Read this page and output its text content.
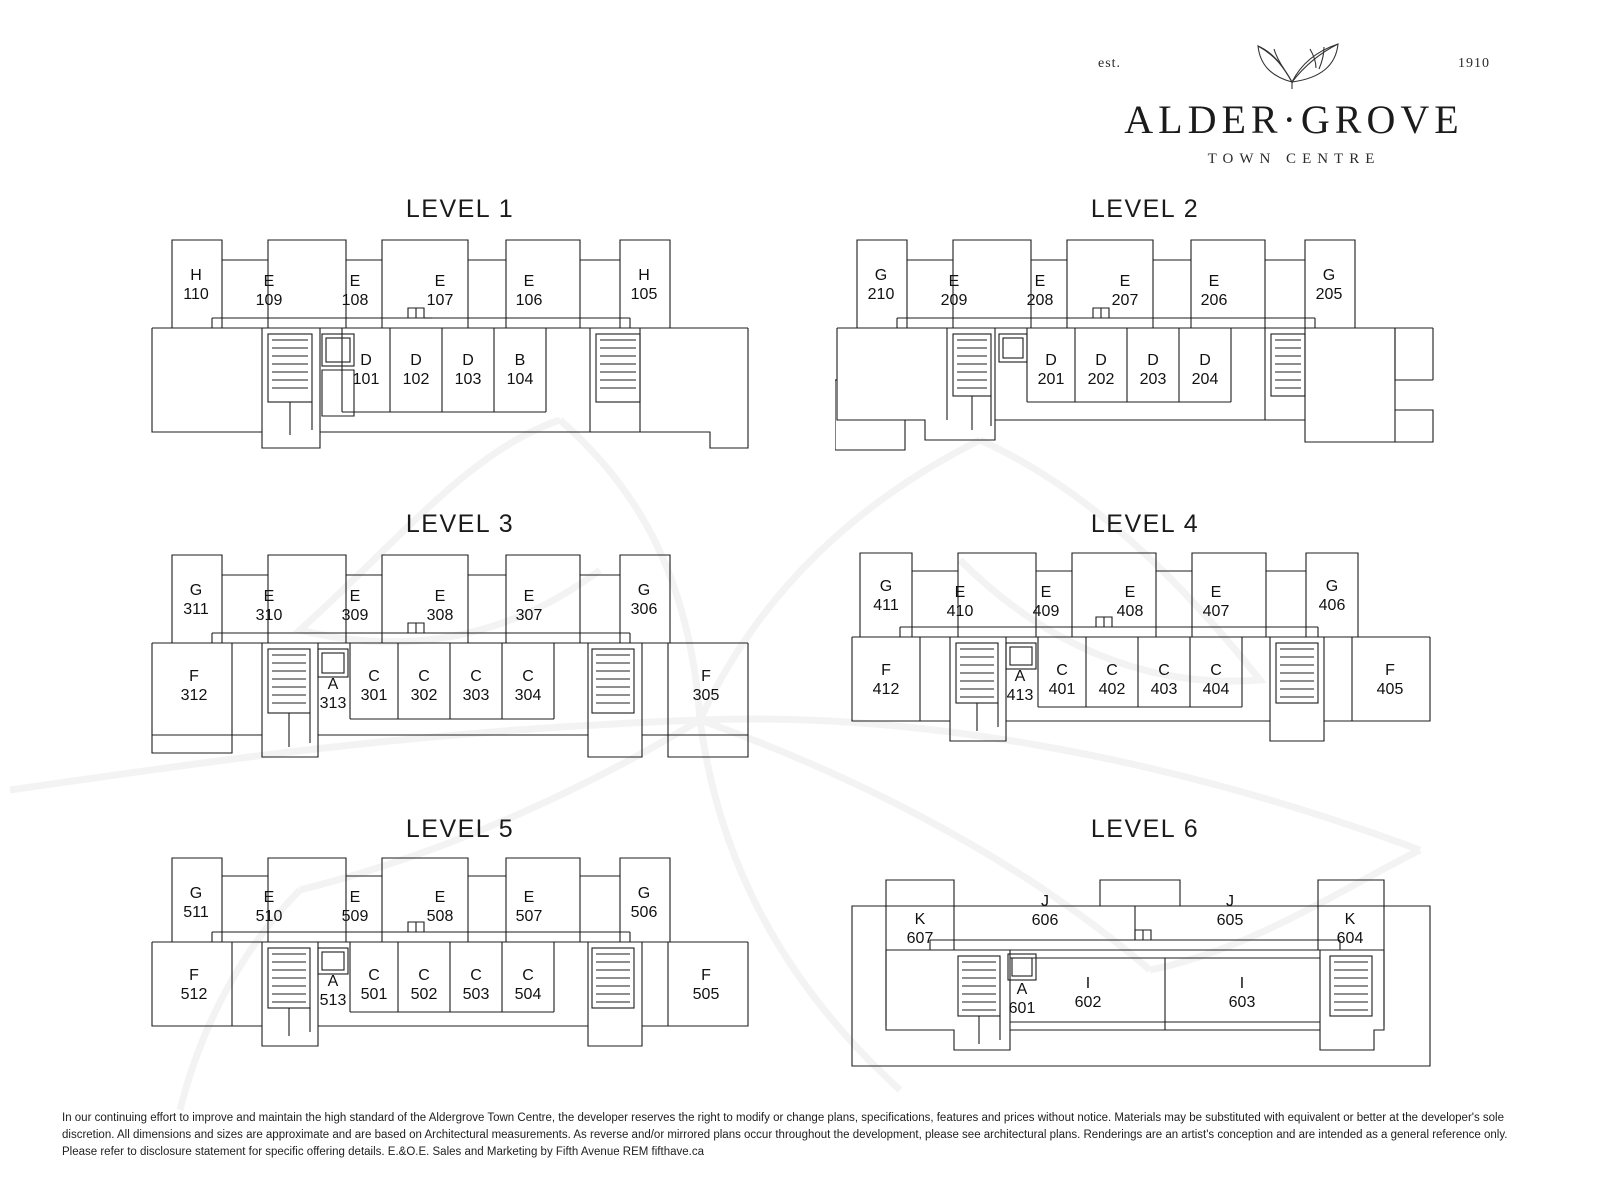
est.	1910
ALDER·GROVE
TOWN CENTRE
LEVEL 1
H
110
E
109
E
108
E
107
E
106
H
105
D
101
D
102
D
103
B
104
LEVEL 2
G
210
E
209
E
208
E
207
E
206
G
205
D
201
D
202
D
203
D
204
LEVEL 3
G
311
E
310
E
309
E
308
E
307
G
306
F
312
A
313
C
301
C
302
C
303
C
304
F
305
LEVEL 4
G
411
E
410
E
409
E
408
E
407
G
406
F
412
A
413
C
401
C
402
C
403
C
404
F
405
LEVEL 5
G
511
E
510
E
509
E
508
E
507
G
506
F
512
A
513
C
501
C
502
C
503
C
504
F
505
LEVEL 6
K
607
J
606
J
605	K
604
A
601
I
602
I
603
In our continuing effort to improve and maintain the high standard of the Aldergrove Town Centre, the developer reserves the right to modify or change plans, specifications, features and prices without notice. Materials may be substituted with equivalent or better at the developer's sole discretion. All dimensions and sizes are approximate and are based on Architectural measurements. As reverse and/or mirrored plans occur throughout the development, please see architectural plans. Renderings are an artist's conception and are intended as a general reference only. Please refer to disclosure statement for specific offering details. E.&O.E. Sales and Marketing by Fifth Avenue REM fifthave.ca
